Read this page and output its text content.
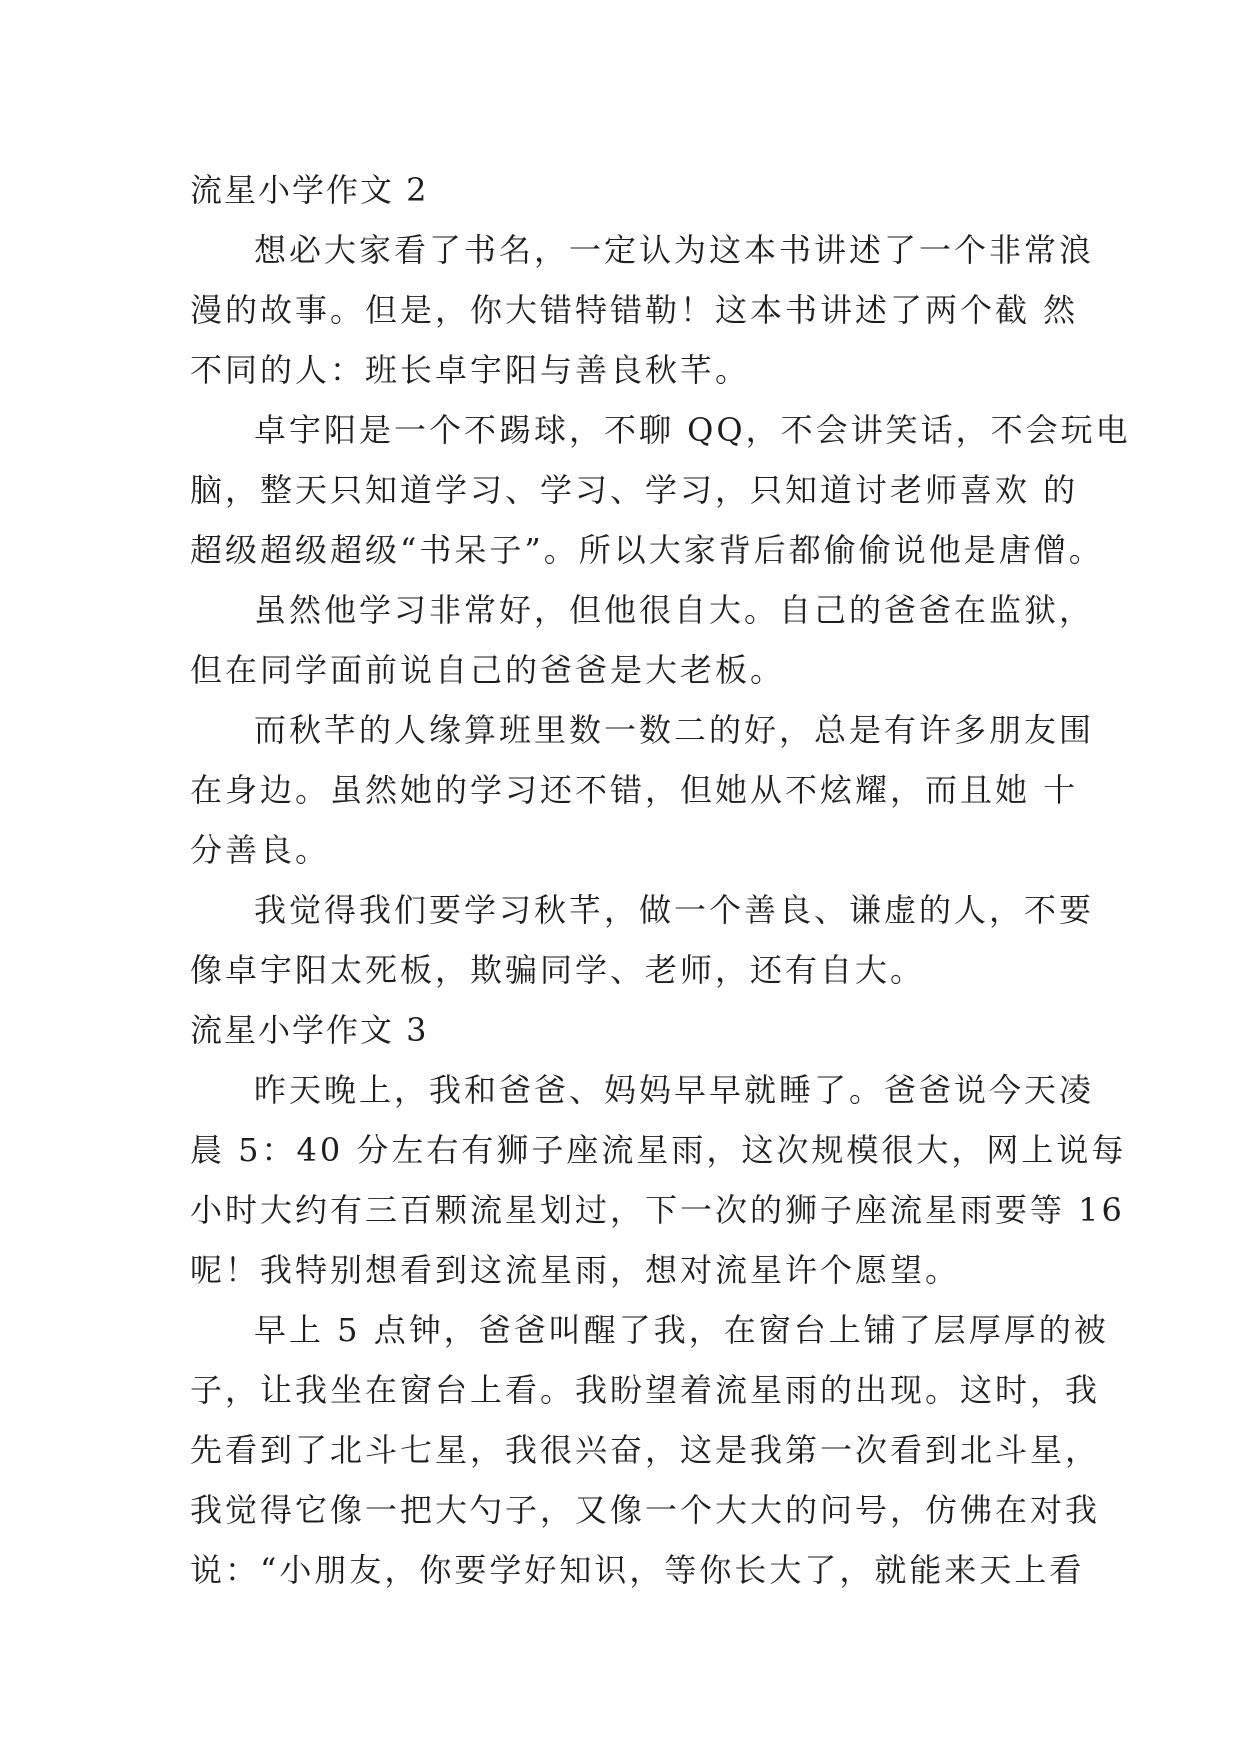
流星小学作文 2
想必大家看了书名，一定认为这本书讲述了一个非常浪
漫的故事。但是，你大错特错勒！这本书讲述了两个截 然
不同的人：班长卓宇阳与善良秋芊。
卓宇阳是一个不踢球，不聊 QQ，不会讲笑话，不会玩电
脑，整天只知道学习、学习、学习，只知道讨老师喜欢 的
超级超级超级“书呆子”。所以大家背后都偷偷说他是唐僧。
虽然他学习非常好，但他很自大。自己的爸爸在监狱，
但在同学面前说自己的爸爸是大老板。
而秋芊的人缘算班里数一数二的好，总是有许多朋友围
在身边。虽然她的学习还不错，但她从不炫耀，而且她 十
分善良。
我觉得我们要学习秋芊，做一个善良、谦虚的人，不要
像卓宇阳太死板，欺骗同学、老师，还有自大。
流星小学作文 3
昨天晚上，我和爸爸、妈妈早早就睡了。爸爸说今天凌
晨 5：40 分左右有狮子座流星雨，这次规模很大，网上说每
小时大约有三百颗流星划过，下一次的狮子座流星雨要等 16
呢！我特别想看到这流星雨，想对流星许个愿望。
早上 5 点钟，爸爸叫醒了我，在窗台上铺了层厚厚的被
子，让我坐在窗台上看。我盼望着流星雨的出现。这时，我
先看到了北斗七星，我很兴奋，这是我第一次看到北斗星，
我觉得它像一把大勺子，又像一个大大的问号，仿佛在对我
说：“小朋友，你要学好知识，等你长大了，就能来天上看
